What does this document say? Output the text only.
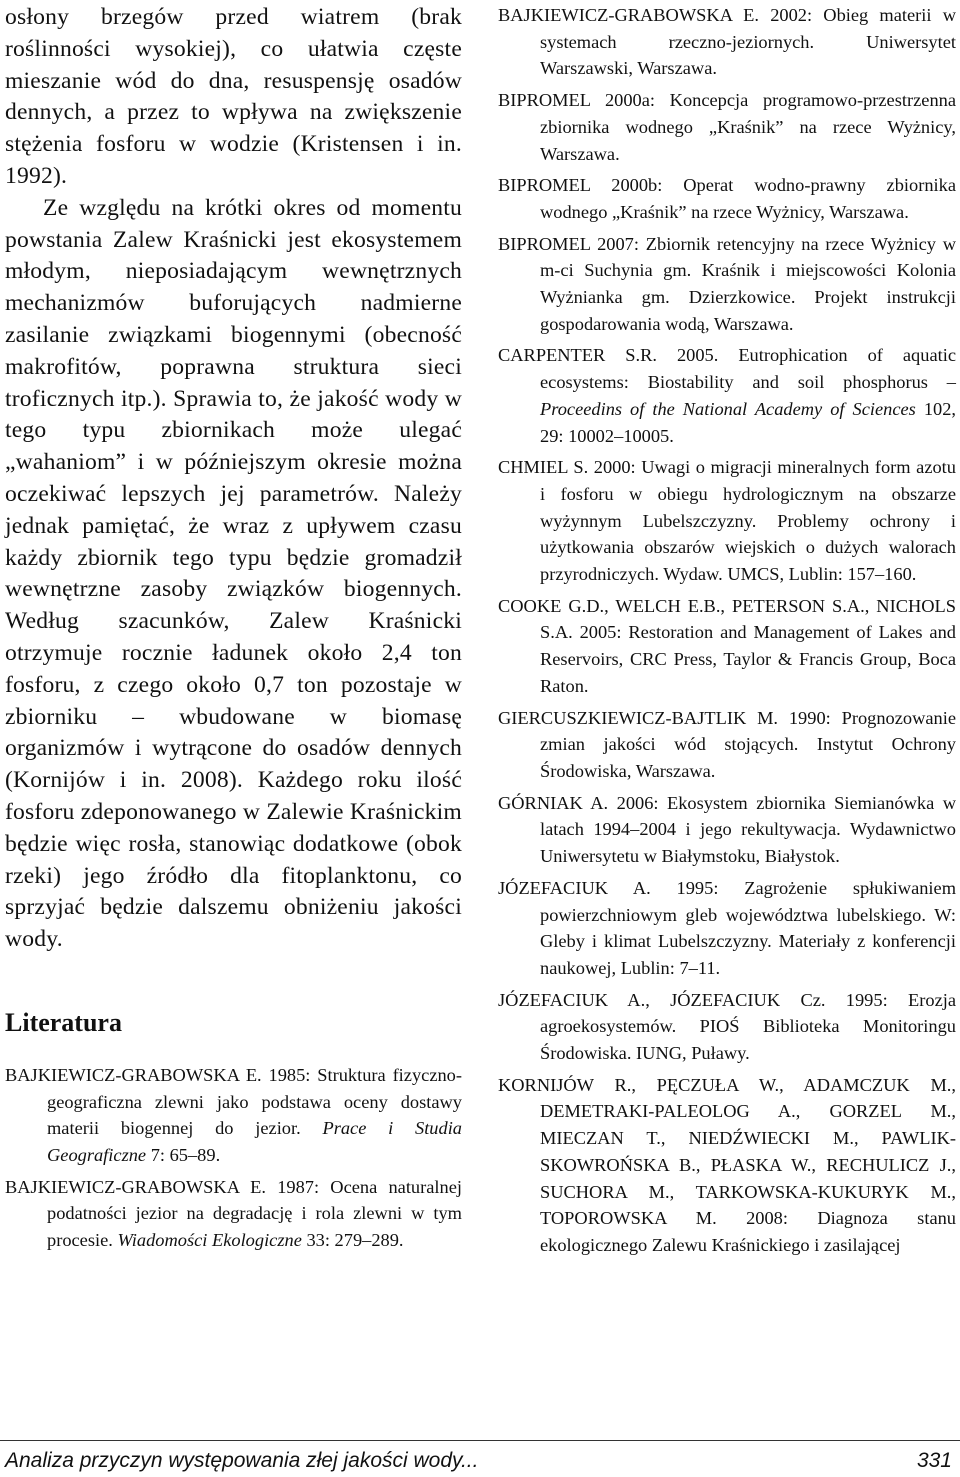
osłony brzegów przed wiatrem (brak roślinności wysokiej), co ułatwia częste mieszanie wód do dna, resuspensję osadów dennych, a przez to wpływa na zwiększenie stężenia fosforu w wodzie (Kristensen i in. 1992).

Ze względu na krótki okres od momentu powstania Zalew Kraśnicki jest ekosystemem młodym, nieposiadającym wewnętrznych mechanizmów buforujących nadmierne zasilanie związkami biogennymi (obecność makrofitów, poprawna struktura sieci troficznych itp.). Sprawia to, że jakość wody w tego typu zbiornikach może ulegać „wahaniom” i w późniejszym okresie można oczekiwać lepszych jej parametrów. Należy jednak pamiętać, że wraz z upływem czasu każdy zbiornik tego typu będzie gromadził wewnętrzne zasoby związków biogennych. Według szacunków, Zalew Kraśnicki otrzymuje rocznie ładunek około 2,4 ton fosforu, z czego około 0,7 ton pozostaje w zbiorniku – wbudowane w biomasę organizmów i wytrącone do osadów dennych (Kornijów i in. 2008). Każdego roku ilość fosforu zdeponowanego w Zalewie Kraśnickim będzie więc rosła, stanowiąc dodatkowe (obok rzeki) jego źródło dla fitoplanktonu, co sprzyjać będzie dalszemu obniżeniu jakości wody.

Literatura

BAJKIEWICZ-GRABOWSKA E. 1985: Struktura fizyczno-geograficzna zlewni jako podstawa oceny dostawy materii biogennej do jezior. Prace i Studia Geograficzne 7: 65–89.

BAJKIEWICZ-GRABOWSKA E. 1987: Ocena naturalnej podatności jezior na degradację i rola zlewni w tym procesie. Wiadomości Ekologiczne 33: 279–289.

BAJKIEWICZ-GRABOWSKA E. 2002: Obieg materii w systemach rzeczno-jeziornych. Uniwersytet Warszawski, Warszawa.

BIPROMEL 2000a: Koncepcja programowo-przestrzenna zbiornika wodnego „Kraśnik” na rzece Wyżnicy, Warszawa.

BIPROMEL 2000b: Operat wodno-prawny zbiornika wodnego „Kraśnik” na rzece Wyżnicy, Warszawa.

BIPROMEL 2007: Zbiornik retencyjny na rzece Wyżnicy w m-ci Suchynia gm. Kraśnik i miejscowości Kolonia Wyżnianka gm. Dzierzkowice. Projekt instrukcji gospodarowania wodą, Warszawa.

CARPENTER S.R. 2005. Eutrophication of aquatic ecosystems: Biostability and soil phosphorus – Proceedins of the National Academy of Sciences 102, 29: 10002–10005.

CHMIEL S. 2000: Uwagi o migracji mineralnych form azotu i fosforu w obiegu hydrologicznym na obszarze wyżynnym Lubelszczyzny. Problemy ochrony i użytkowania obszarów wiejskich o dużych walorach przyrodniczych. Wydaw. UMCS, Lublin: 157–160.

COOKE G.D., WELCH E.B., PETERSON S.A., NICHOLS S.A. 2005: Restoration and Management of Lakes and Reservoirs, CRC Press, Taylor & Francis Group, Boca Raton.

GIERCUSZKIEWICZ-BAJTLIK M. 1990: Prognozowanie zmian jakości wód stojących. Instytut Ochrony Środowiska, Warszawa.

GÓRNIAK A. 2006: Ekosystem zbiornika Siemianówka w latach 1994–2004 i jego rekultywacja. Wydawnictwo Uniwersytetu w Białymstoku, Białystok.

JÓZEFACIUK A. 1995: Zagrożenie spłukiwaniem powierzchniowym gleb województwa lubelskiego. W: Gleby i klimat Lubelszczyzny. Materiały z konferencji naukowej, Lublin: 7–11.

JÓZEFACIUK A., JÓZEFACIUK Cz. 1995: Erozja agroekosystemów. PIOŚ Biblioteka Monitoringu Środowiska. IUNG, Puławy.

KORNIJÓW R., PĘCZUŁA W., ADAMCZUK M., DEMETRAKI-PALEOLOG A., GORZEL M., MIECZAN T., NIEDŹWIECKI M., PAWLIK-SKOWROŃSKA B., PŁASKA W., RECHULICZ J., SUCHORA M., TARKOWSKA-KUKURYK M., TOPOROWSKA M. 2008: Diagnoza stanu ekologicznego Zalewu Kraśnickiego i zasilającej

Analiza przyczyn występowania złej jakości wody...	331
